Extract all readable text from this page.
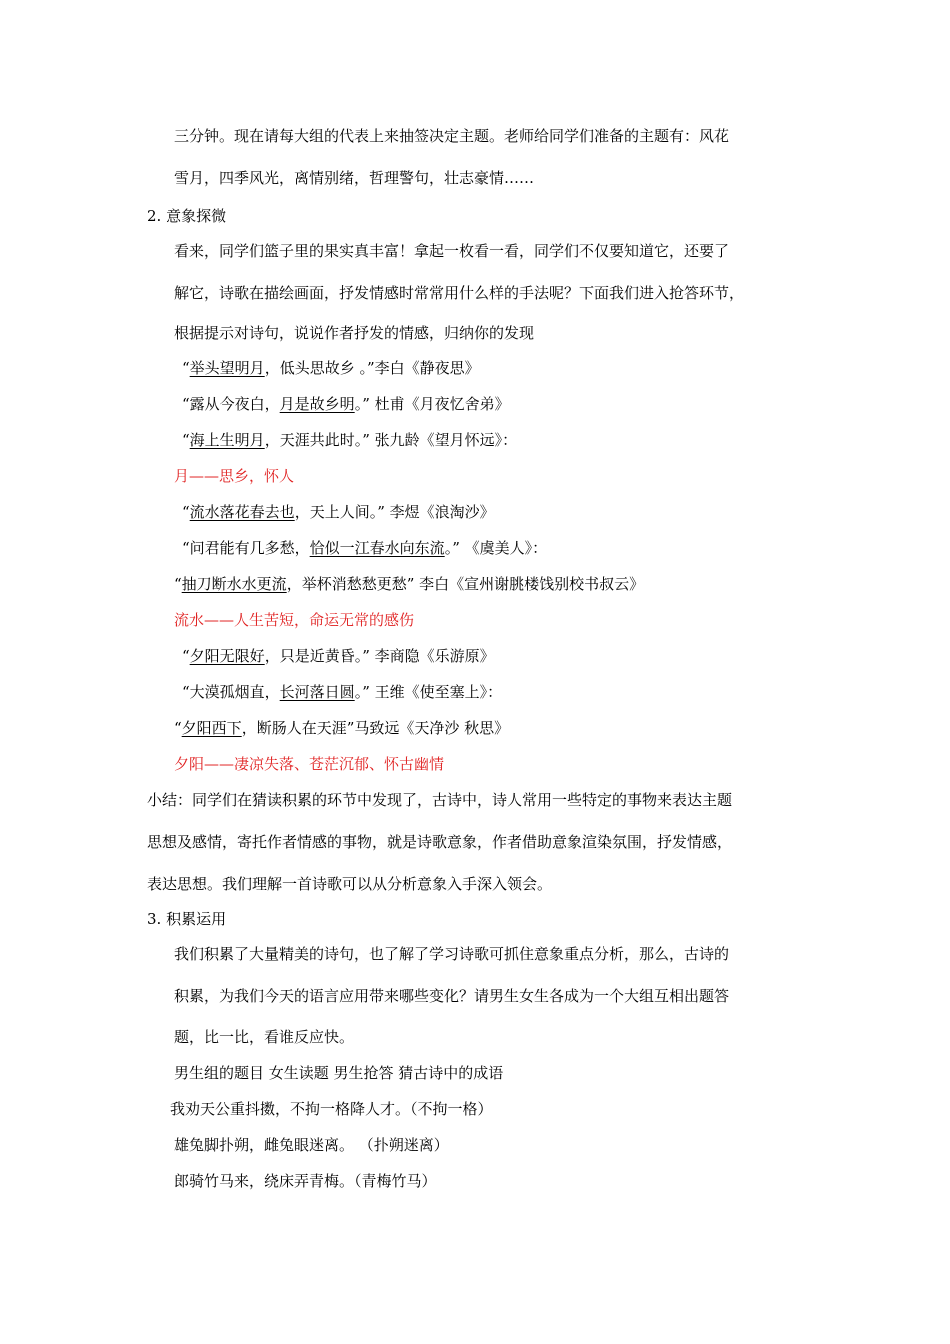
三分钟。现在请每大组的代表上来抽签决定主题。老师给同学们准备的主题有：风花
雪月，四季风光，离情别绪，哲理警句，壮志豪情……
2. 意象探微
看来，同学们篮子里的果实真丰富！拿起一枚看一看，同学们不仅要知道它，还要了
解它，诗歌在描绘画面，抒发情感时常常用什么样的手法呢？下面我们进入抢答环节，
根据提示对诗句，说说作者抒发的情感，归纳你的发现
“举头望明月，低头思故乡 。”李白《静夜思》
“露从今夜白，月是故乡明。” 杜甫《月夜忆舍弟》
“海上生明月，天涯共此时。” 张九龄《望月怀远》：
月——思乡，怀人
“流水落花春去也，天上人间。” 李煜《浪淘沙》
“问君能有几多愁，恰似一江春水向东流。” 《虞美人》：
“抽刀断水水更流，举杯消愁愁更愁” 李白《宣州谢朓楼饯别校书叔云》
流水——人生苦短，命运无常的感伤
“夕阳无限好，只是近黄昏。” 李商隐《乐游原》
“大漠孤烟直，长河落日圆。” 王维《使至塞上》：
“夕阳西下，断肠人在天涯”马致远《天净沙 秋思》
夕阳——凄凉失落、苍茫沉郁、怀古幽情
小结：同学们在猜读积累的环节中发现了，古诗中，诗人常用一些特定的事物来表达主题
思想及感情，寄托作者情感的事物，就是诗歌意象，作者借助意象渲染氛围，抒发情感，
表达思想。我们理解一首诗歌可以从分析意象入手深入领会。
3. 积累运用
我们积累了大量精美的诗句，也了解了学习诗歌可抓住意象重点分析，那么，古诗的
积累，为我们今天的语言应用带来哪些变化？请男生女生各成为一个大组互相出题答
题，比一比，看谁反应快。
男生组的题目 女生读题 男生抢答 猜古诗中的成语
我劝天公重抖擞，不拘一格降人才。（不拘一格）
雄兔脚扑朔，雌兔眼迷离。 （扑朔迷离）
郎骑竹马来，绕床弄青梅。（青梅竹马）
